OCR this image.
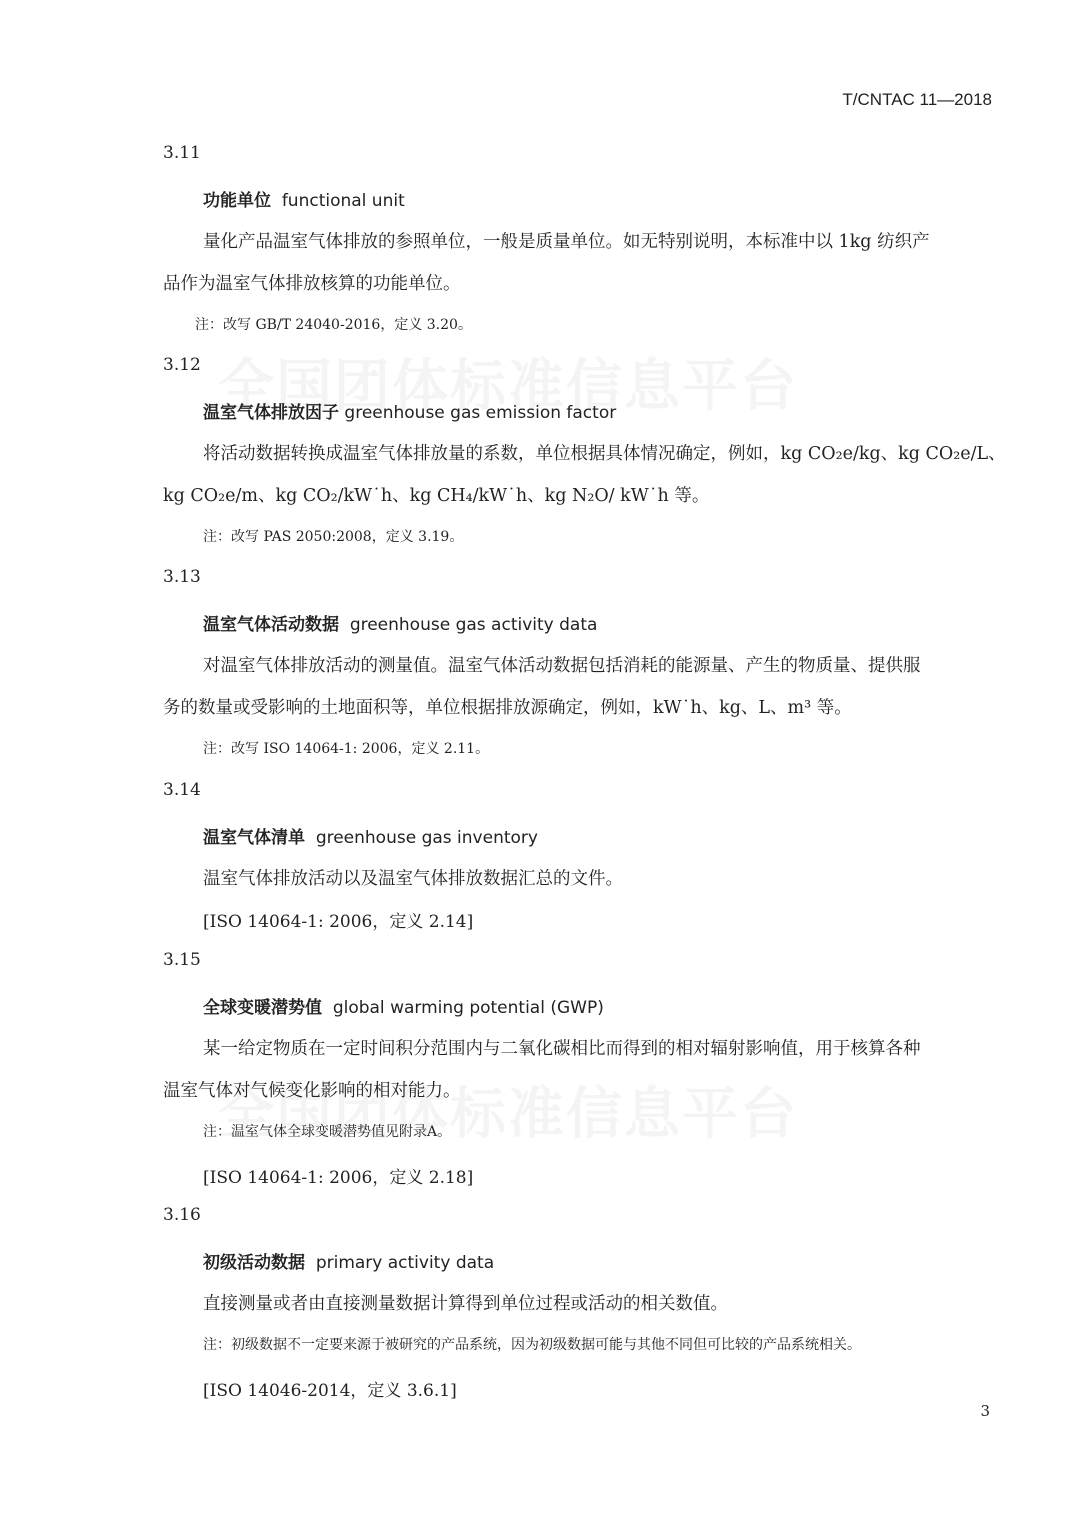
T/CNTAC 11—2018
3.11
功能单位 functional unit
量化产品温室气体排放的参照单位，一般是质量单位。如无特别说明，本标准中以 1kg 纺织产
品作为温室气体排放核算的功能单位。
注：改写 GB/T 24040-2016，定义 3.20。
3.12
温室气体排放因子 greenhouse gas emission factor
将活动数据转换成温室气体排放量的系数，单位根据具体情况确定，例如，kg CO₂e/kg、kg CO₂e/L、
kg CO₂e/m、kg CO₂/kW˙h、kg CH₄/kW˙h、kg N₂O/ kW˙h 等。
注：改写 PAS 2050:2008，定义 3.19。
3.13
温室气体活动数据 greenhouse gas activity data
对温室气体排放活动的测量值。温室气体活动数据包括消耗的能源量、产生的物质量、提供服
务的数量或受影响的土地面积等，单位根据排放源确定，例如，kW˙h、kg、L、m³ 等。
注：改写 ISO 14064-1: 2006，定义 2.11。
3.14
温室气体清单 greenhouse gas inventory
温室气体排放活动以及温室气体排放数据汇总的文件。
[ISO 14064-1: 2006，定义 2.14]
3.15
全球变暖潜势值 global warming potential (GWP)
某一给定物质在一定时间积分范围内与二氧化碳相比而得到的相对辐射影响值，用于核算各种
温室气体对气候变化影响的相对能力。
注：温室气体全球变暖潜势值见附录A。
[ISO 14064-1: 2006，定义 2.18]
3.16
初级活动数据 primary activity data
直接测量或者由直接测量数据计算得到单位过程或活动的相关数值。
注：初级数据不一定要来源于被研究的产品系统，因为初级数据可能与其他不同但可比较的产品系统相关。
[ISO 14046-2014，定义 3.6.1]
3
